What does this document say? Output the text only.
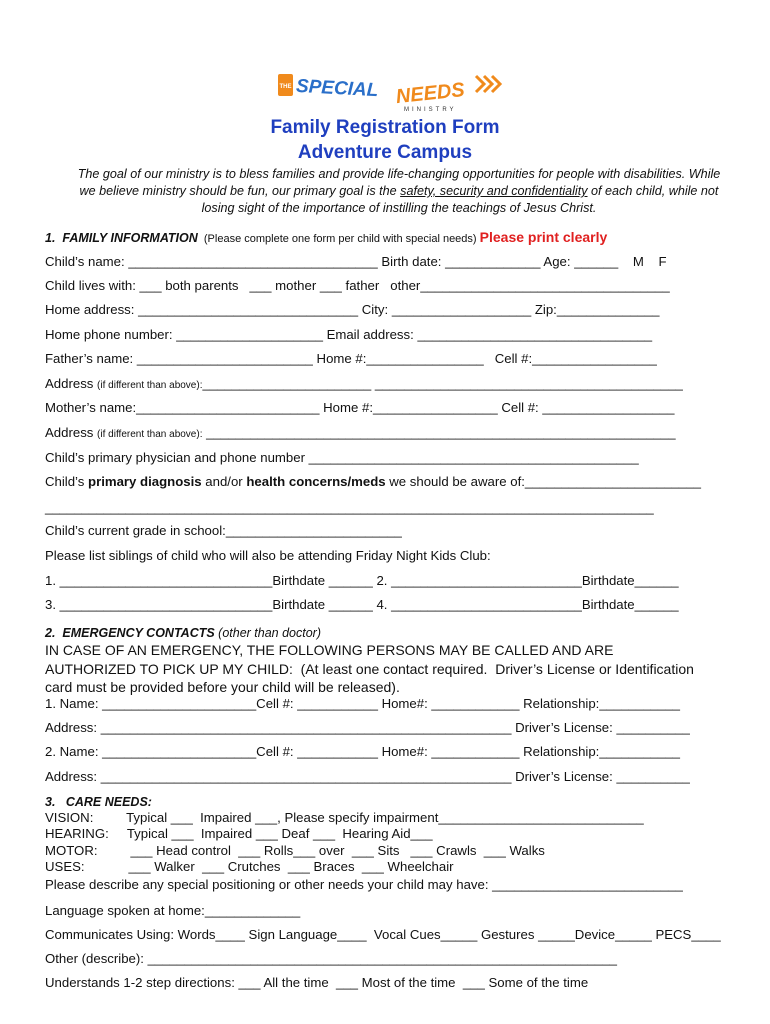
THE SPECIAL NEEDS
MINISTRY
Family Registration Form
Adventure Campus
The goal of our ministry is to bless families and provide life-changing opportunities for people with disabilities. While
we believe ministry should be fun, our primary goal is the safety, security and confidentiality of each child, while not
losing sight of the importance of instilling the teachings of Jesus Christ.
1.  FAMILY INFORMATION  (Please complete one form per child with special needs) Please print clearly
Child’s name: __________________________________ Birth date: _____________ Age: ______    M    F
Child lives with: ___ both parents   ___ mother ___ father   other__________________________________
Home address: ______________________________ City: ___________________ Zip:______________
Home phone number: ____________________ Email address: ________________________________
Father’s name: ________________________ Home #:________________   Cell #:_________________
Address (if different than above):_______________________ __________________________________________
Mother’s name:_________________________ Home #:_________________ Cell #: __________________
Address (if different than above): ________________________________________________________________
Child’s primary physician and phone number _____________________________________________
Child’s primary diagnosis and/or health concerns/meds we should be aware of:________________________
___________________________________________________________________________________
Child’s current grade in school:________________________
Please list siblings of child who will also be attending Friday Night Kids Club:
1. _____________________________Birthdate ______ 2. __________________________Birthdate______
3. _____________________________Birthdate ______ 4. __________________________Birthdate______
2.  EMERGENCY CONTACTS (other than doctor)
IN CASE OF AN EMERGENCY, THE FOLLOWING PERSONS MAY BE CALLED AND ARE
AUTHORIZED TO PICK UP MY CHILD:  (At least one contact required.  Driver’s License or Identification
card must be provided before your child will be released).
1. Name: _____________________Cell #: ___________ Home#: ____________ Relationship:___________
Address: ________________________________________________________ Driver’s License: __________
2. Name: _____________________Cell #: ___________ Home#: ____________ Relationship:___________
Address: ________________________________________________________ Driver’s License: __________
3.   CARE NEEDS:
VISION:         Typical ___  Impaired ___, Please specify impairment____________________________
HEARING:     Typical ___  Impaired ___ Deaf ___  Hearing Aid___
MOTOR:         ___ Head control  ___ Rolls___ over  ___ Sits   ___ Crawls  ___ Walks
USES:            ___ Walker  ___ Crutches  ___ Braces  ___ Wheelchair
Please describe any special positioning or other needs your child may have: __________________________
Language spoken at home:_____________
Communicates Using: Words____ Sign Language____  Vocal Cues_____ Gestures _____Device_____ PECS____
Other (describe): ________________________________________________________________
Understands 1-2 step directions: ___ All the time  ___ Most of the time  ___ Some of the time
